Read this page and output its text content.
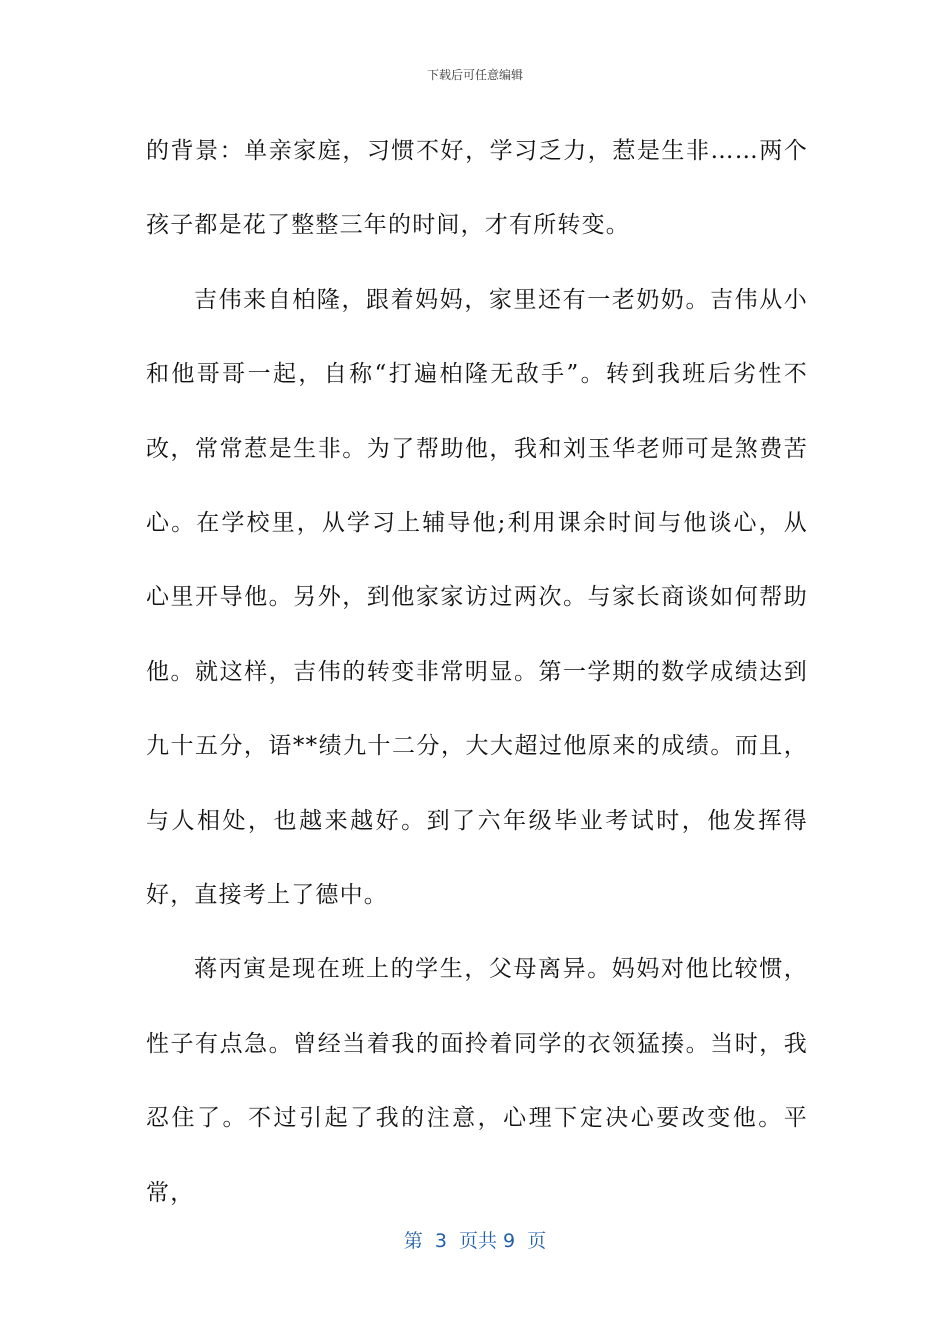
下载后可任意编辑

的背景：单亲家庭，习惯不好，学习乏力，惹是生非……两个孩子都是花了整整三年的时间，才有所转变。

吉伟来自柏隆，跟着妈妈，家里还有一老奶奶。吉伟从小和他哥哥一起，自称“打遍柏隆无敌手”。转到我班后劣性不改，常常惹是生非。为了帮助他，我和刘玉华老师可是煞费苦心。在学校里，从学习上辅导他;利用课余时间与他谈心，从心里开导他。另外，到他家家访过两次。与家长商谈如何帮助他。就这样，吉伟的转变非常明显。第一学期的数学成绩达到九十五分，语**绩九十二分，大大超过他原来的成绩。而且，与人相处，也越来越好。到了六年级毕业考试时，他发挥得好，直接考上了德中。

蒋丙寅是现在班上的学生，父母离异。妈妈对他比较惯，性子有点急。曾经当着我的面拎着同学的衣领猛揍。当时，我忍住了。不过引起了我的注意，心理下定决心要改变他。平常，

第  3  页共 9  页
